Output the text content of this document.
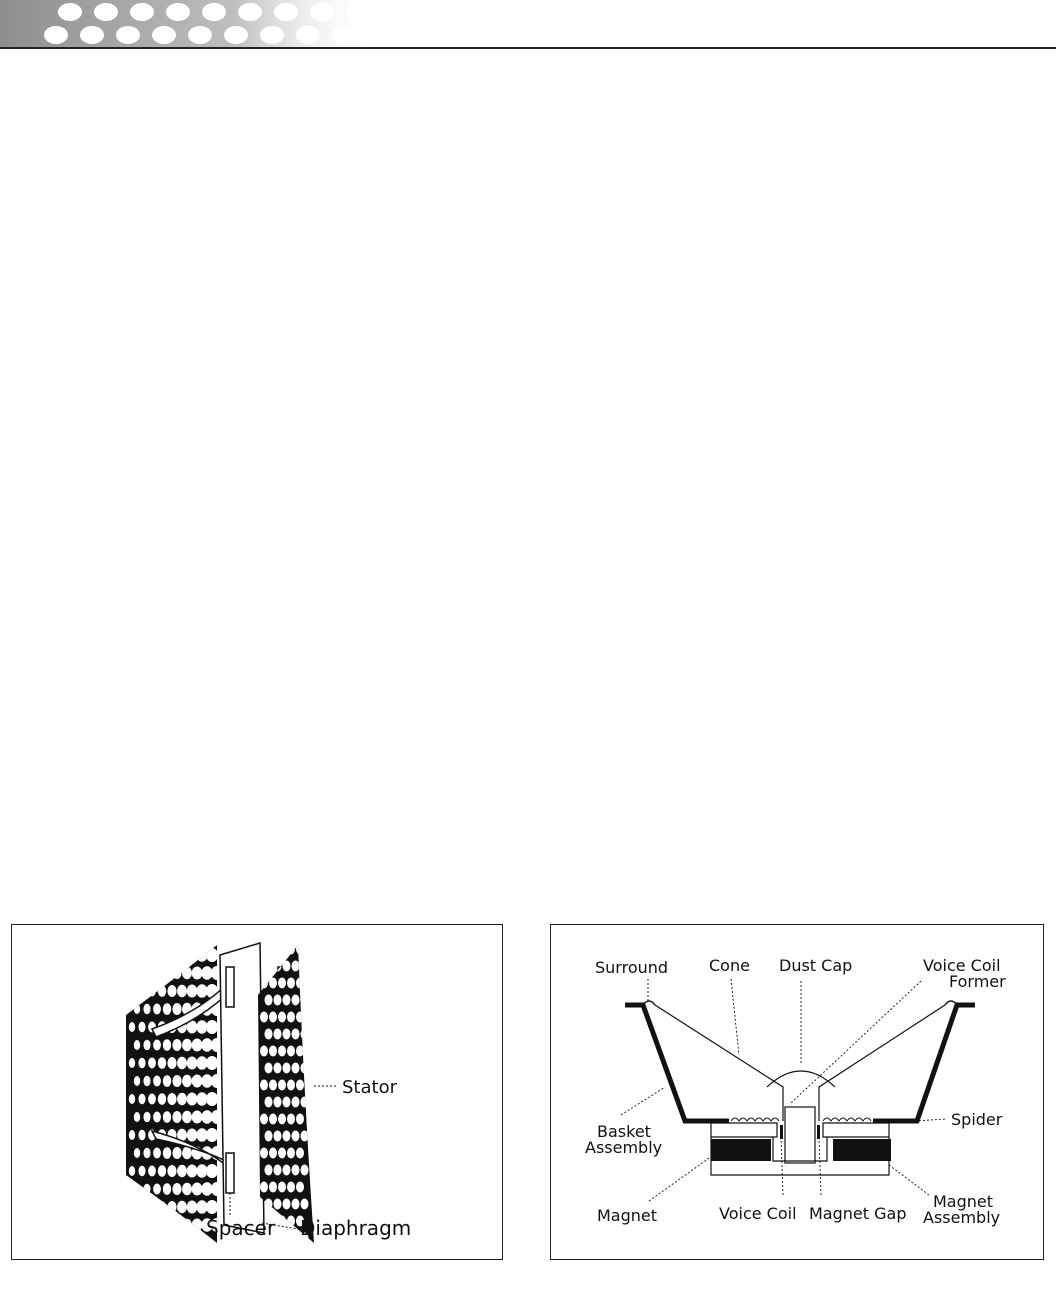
Stator
Spacer Diaphragm
Surround	Cone Dust Cap	Voice Coil
Former
Spider
Basket
Assembly
Magnet	Voice Coil Magnet Gap
Magnet
Assembly
